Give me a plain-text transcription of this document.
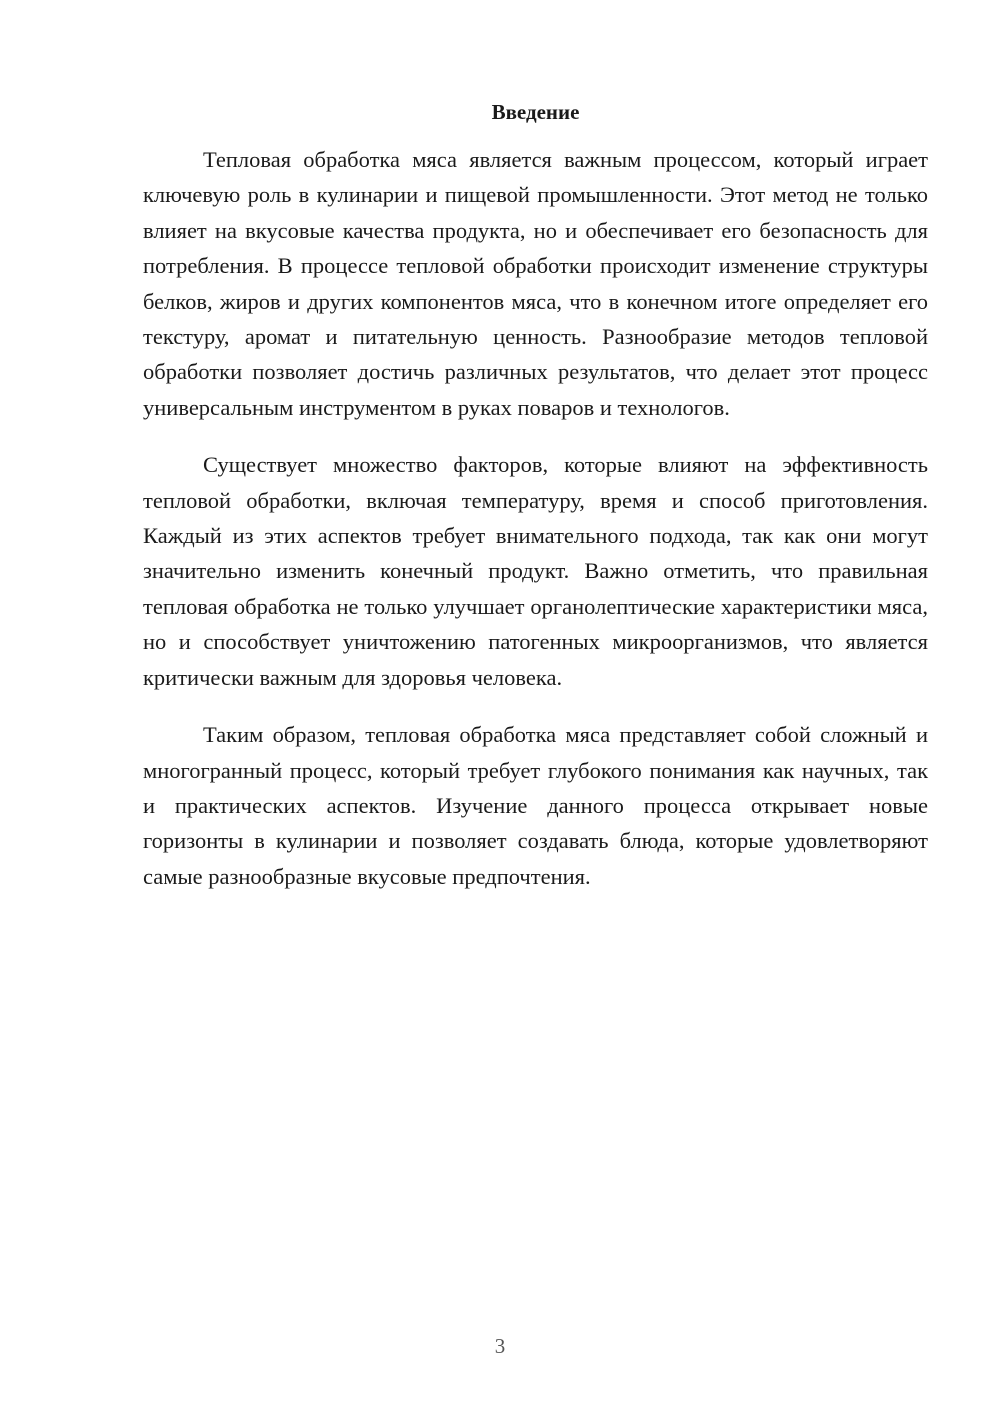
Введение

Тепловая обработка мяса является важным процессом, который играет ключевую роль в кулинарии и пищевой промышленности. Этот метод не только влияет на вкусовые качества продукта, но и обеспечивает его безопасность для потребления. В процессе тепловой обработки происходит изменение структуры белков, жиров и других компонентов мяса, что в конечном итоге определяет его текстуру, аромат и питательную ценность. Разнообразие методов тепловой обработки позволяет достичь различных результатов, что делает этот процесс универсальным инструментом в руках поваров и технологов.

Существует множество факторов, которые влияют на эффективность тепловой обработки, включая температуру, время и способ приготовления. Каждый из этих аспектов требует внимательного подхода, так как они могут значительно изменить конечный продукт. Важно отметить, что правильная тепловая обработка не только улучшает органолептические характеристики мяса, но и способствует уничтожению патогенных микроорганизмов, что является критически важным для здоровья человека.

Таким образом, тепловая обработка мяса представляет собой сложный и многогранный процесс, который требует глубокого понимания как научных, так и практических аспектов. Изучение данного процесса открывает новые горизонты в кулинарии и позволяет создавать блюда, которые удовлетворяют самые разнообразные вкусовые предпочтения.

3
